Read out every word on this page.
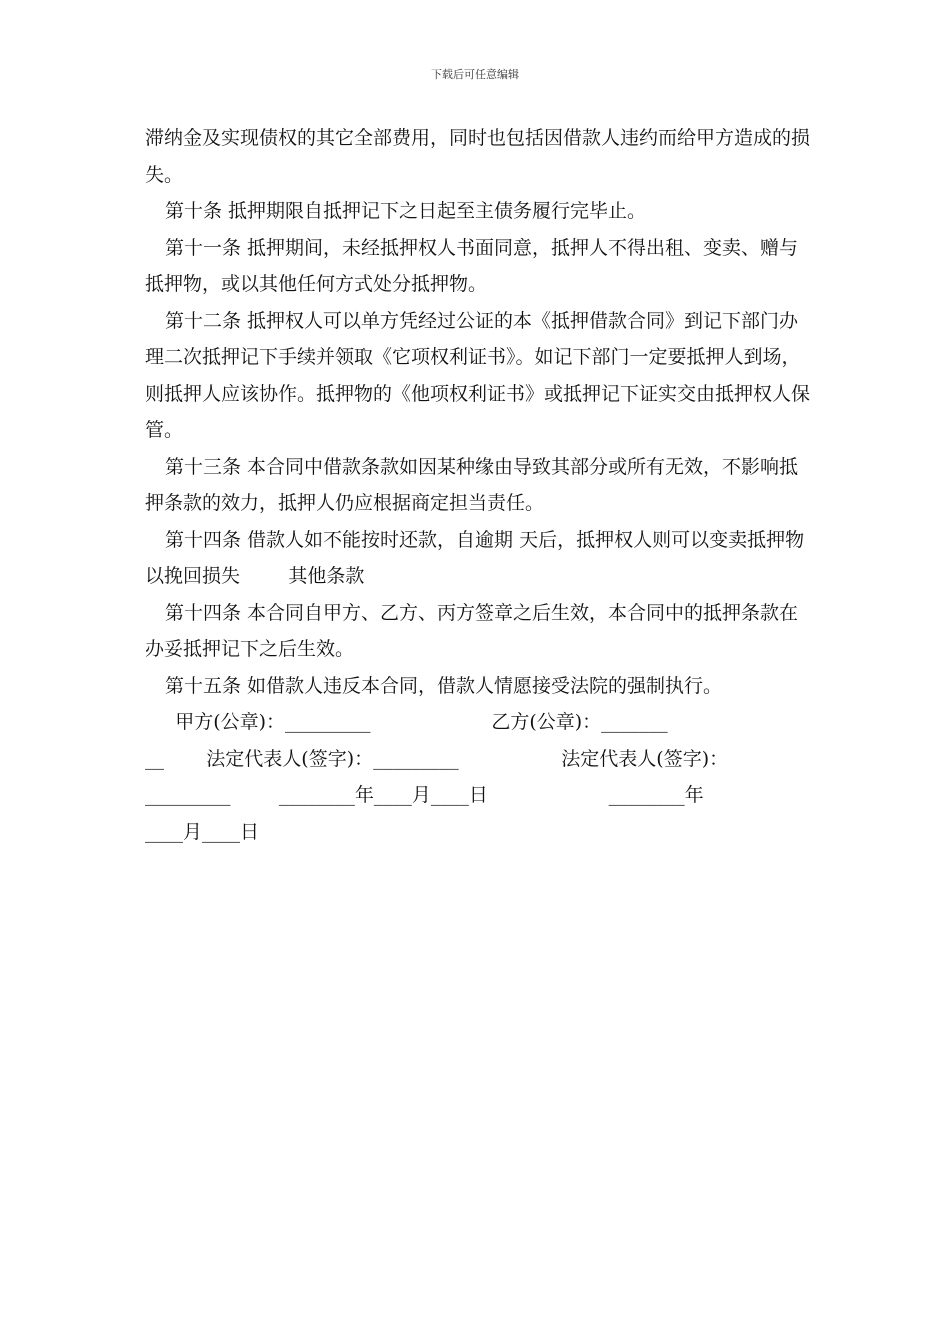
下载后可任意编辑

滞纳金及实现债权的其它全部费用，同时也包括因借款人违约而给甲方造成的损失。

第十条 抵押期限自抵押记下之日起至主债务履行完毕止。

第十一条 抵押期间，未经抵押权人书面同意，抵押人不得出租、变卖、赠与抵押物，或以其他任何方式处分抵押物。

第十二条 抵押权人可以单方凭经过公证的本《抵押借款合同》到记下部门办理二次抵押记下手续并领取《它项权利证书》。如记下部门一定要抵押人到场，则抵押人应该协作。抵押物的《他项权利证书》或抵押记下证实交由抵押权人保管。

第十三条 本合同中借款条款如因某种缘由导致其部分或所有无效，不影响抵押条款的效力，抵押人仍应根据商定担当责任。

第十四条 借款人如不能按时还款，自逾期 天后，抵押权人则可以变卖抵押物以挽回损失        其他条款

第十四条 本合同自甲方、乙方、丙方签章之后生效，本合同中的抵押条款在办妥抵押记下之后生效。

第十五条 如借款人违反本合同，借款人情愿接受法院的强制执行。

甲方(公章)：_________                    乙方(公章)：_______
__       法定代表人(签字)：_________                 法定代表人(签字)：
_________        ________年____月____日                    ________年
____月____日
